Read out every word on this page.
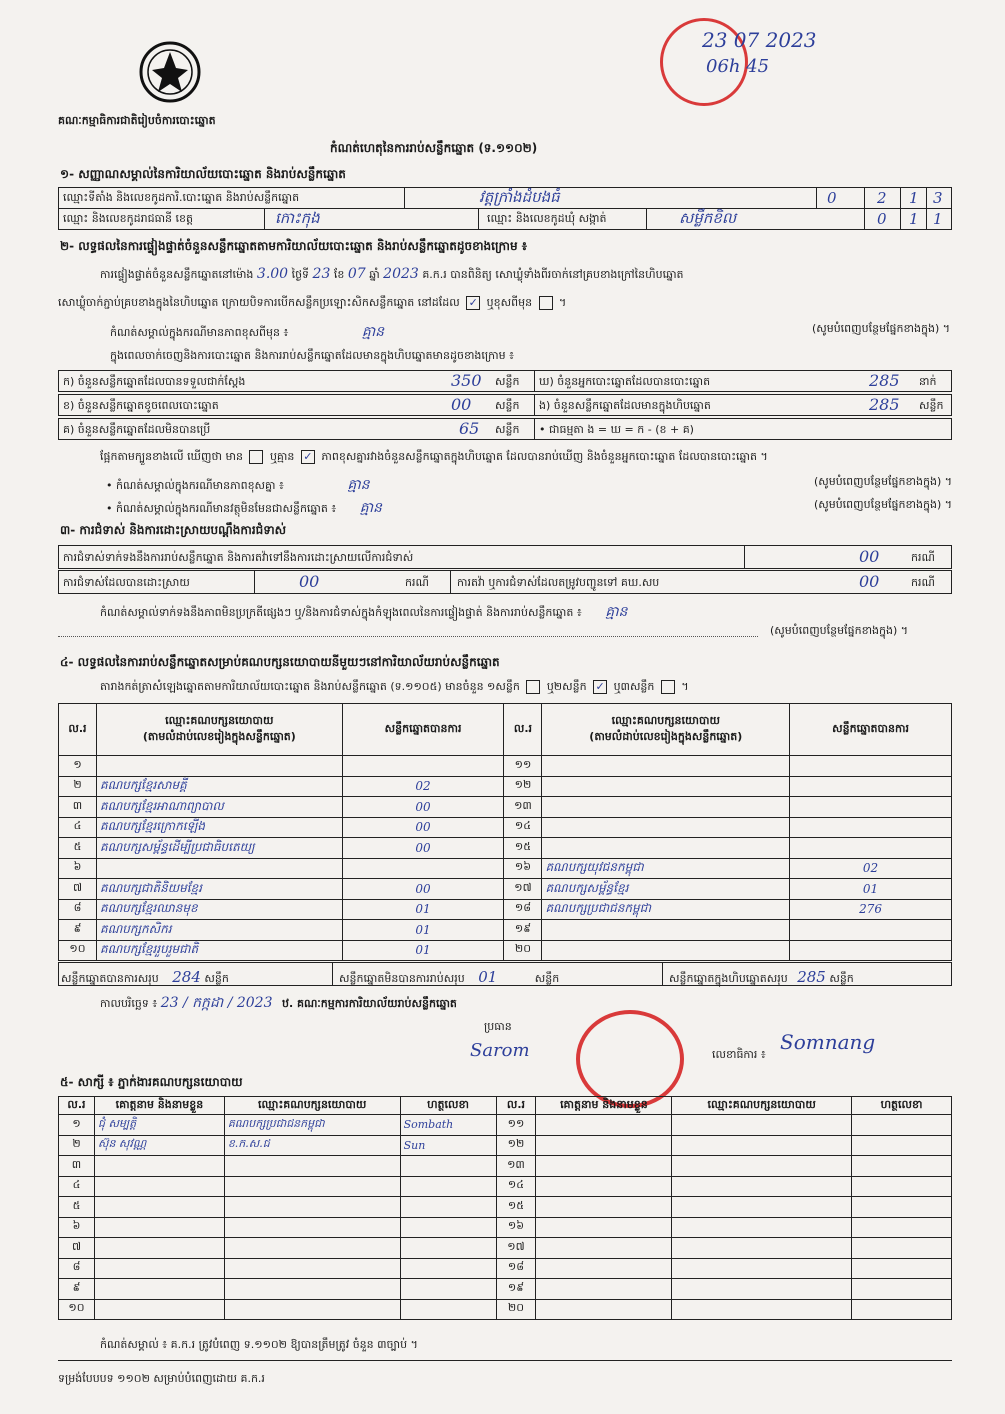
គណៈកម្មាធិការជាតិរៀបចំការបោះឆ្នោត
23 07 2023
06h 45
កំណត់ហេតុនៃការរាប់សន្លឹកឆ្នោត (ទ.១១០២)
១- សញ្ញាណសម្គាល់នៃការិយាល័យបោះឆ្នោត និងរាប់សន្លឹកឆ្នោត
ឈ្មោះទីតាំង និងលេខកូដការិ.បោះឆ្នោត និងរាប់សន្លឹកឆ្នោត	វត្តក្រាំងដំបងធំ	0	2 1 3
ឈ្មោះ និងលេខកូដរាជធានី ខេត្ត	កោះកុង	ឈ្មោះ និងលេខកូដឃុំ សង្កាត់	សម្លឹកខិល	0 1 1
២- លទ្ធផលនៃការផ្ទៀងផ្ទាត់ចំនួនសន្លឹកឆ្នោតតាមការិយាល័យបោះឆ្នោត និងរាប់សន្លឹកឆ្នោតដូចខាងក្រោម ៖
ការផ្ទៀងផ្ទាត់ចំនួនសន្លឹកឆ្នោតនៅម៉ោង 3.00 ថ្ងៃទី 23 ខែ 07 ឆ្នាំ 2023 គ.ក.រ បានពិនិត្យ សោឃ្លុំទាំងពីរចាក់នៅគ្របខាងក្រៅនៃហិបឆ្នោត
សោឃ្លុំចាក់ភ្ជាប់គ្របខាងក្នុងនៃហិបឆ្នោត ក្រោយបិទការបើកសន្លឹកប្រឡោះសិកសន្លឹកឆ្នោត នៅដដែល ✓ ឬខុសពីមុន  ។
កំណត់សម្គាល់ក្នុងករណីមានភាពខុសពីមុន ៖	គ្មាន	(សូមបំពេញបន្ថែមផ្នែកខាងក្នុង) ។
ក្នុងពេលចាក់ចេញនិងការបោះឆ្នោត និងការរាប់សន្លឹកឆ្នោតដែលមានក្នុងហិបឆ្នោតមានដូចខាងក្រោម ៖
ក) ចំនួនសន្លឹកឆ្នោតដែលបានទទួលជាក់ស្តែង	350 សន្លឹក ឃ) ចំនួនអ្នកបោះឆ្នោតដែលបានបោះឆ្នោត	285 នាក់
ខ) ចំនួនសន្លឹកឆ្នោតខូចពេលបោះឆ្នោត	00 សន្លឹក ង) ចំនួនសន្លឹកឆ្នោតដែលមានក្នុងហិបឆ្នោត	285 សន្លឹក
គ) ចំនួនសន្លឹកឆ្នោតដែលមិនបានប្រើ	65 សន្លឹក • ជាធម្មតា ង = ឃ = ក - (ខ + គ)
ផ្អែកតាមក្បួនខាងលើ ឃើញថា មាន ឬគ្មាន ✓ ភាពខុសគ្នារវាងចំនួនសន្លឹកឆ្នោតក្នុងហិបឆ្នោត ដែលបានរាប់ឃើញ និងចំនួនអ្នកបោះឆ្នោត ដែលបានបោះឆ្នោត ។
• កំណត់សម្គាល់ក្នុងករណីមានភាពខុសគ្នា ៖	គ្មាន	(សូមបំពេញបន្ថែមផ្នែកខាងក្នុង) ។
• កំណត់សម្គាល់ក្នុងករណីមានវត្ថុមិនមែនជាសន្លឹកឆ្នោត ៖ គ្មាន	(សូមបំពេញបន្ថែមផ្នែកខាងក្នុង) ។
៣- ការជំទាស់ និងការដោះស្រាយបណ្តឹងការជំទាស់
ការជំទាស់ទាក់ទងនឹងការរាប់សន្លឹកឆ្នោត និងការតវ៉ាទៅនឹងការដោះស្រាយលើការជំទាស់	00	ករណី
ការជំទាស់ដែលបានដោះស្រាយ	00	ករណី	ការតវ៉ា ឬការជំទាស់ដែលតម្រូវបញ្ជូនទៅ គឃ.សប	00	ករណី
កំណត់សម្គាល់ទាក់ទងនឹងភាពមិនប្រក្រតីផ្សេងៗ ឬ/និងការជំទាស់ក្នុងកំឡុងពេលនៃការផ្ទៀងផ្ទាត់ និងការរាប់សន្លឹកឆ្នោត ៖ គ្មាន
(សូមបំពេញបន្ថែមផ្នែកខាងក្នុង) ។
៤- លទ្ធផលនៃការរាប់សន្លឹកឆ្នោតសម្រាប់គណបក្សនយោបាយនីមួយៗនៅការិយាល័យរាប់សន្លឹកឆ្នោត
តារាងកត់ត្រាសំឡេងឆ្នោតតាមការិយាល័យបោះឆ្នោត និងរាប់សន្លឹកឆ្នោត (ទ.១១០៥) មានចំនួន ១សន្លឹក ឬ២សន្លឹក ✓ ឬ៣សន្លឹក  ។
ល.រ	ឈ្មោះគណបក្សនយោបាយ
(តាមលំដាប់លេខរៀងក្នុងសន្លឹកឆ្នោត)	សន្លឹកឆ្នោតបានការ	ល.រ	ឈ្មោះគណបក្សនយោបាយ
(តាមលំដាប់លេខរៀងក្នុងសន្លឹកឆ្នោត)	សន្លឹកឆ្នោតបានការ
១			១១		
២	គណបក្សខ្មែរសាមគ្គី	02	១២		
៣	គណបក្សខ្មែរអាណាព្យាបាល	00	១៣		
៤	គណបក្សខ្មែរក្រោកឡើង	00	១៤		
៥	គណបក្សសម្ព័ន្ធដើម្បីប្រជាធិបតេយ្យ	00	១៥		
៦			១៦	គណបក្សយុវជនកម្ពុជា	02
៧	គណបក្សជាតិនិយមខ្មែរ	00	១៧	គណបក្សសម្ព័ន្ធខ្មែរ	01
៨	គណបក្សខ្មែរឈានមុខ	01	១៨	គណបក្សប្រជាជនកម្ពុជា	276
៩	គណបក្សកសិករ	01	១៩		
១០	គណបក្សខ្មែររួបរួមជាតិ	01	២០		
សន្លឹកឆ្នោតបានការសរុប 284 សន្លឹក	សន្លឹកឆ្នោតមិនបានការរាប់សរុប 01	សន្លឹក	សន្លឹកឆ្នោតក្នុងហិបឆ្នោតសរុប 285 សន្លឹក
កាលបរិច្ឆេទ ៖ 23 / កក្កដា / 2023 ឋ. គណៈកម្មការការិយាល័យរាប់សន្លឹកឆ្នោត
ប្រធាន
Sarom	លេខាធិការ ៖
Somnang
៥- សាក្សី ៖ ភ្នាក់ងារគណបក្សនយោបាយ
ល.រ	គោត្តនាម និងនាមខ្លួន	ឈ្មោះគណបក្សនយោបាយ	ហត្ថលេខា	ល.រ	គោត្តនាម និងនាមខ្លួន	ឈ្មោះគណបក្សនយោបាយ	ហត្ថលេខា
១	ជុំ សម្បត្តិ	គណបក្សប្រជាជនកម្ពុជា	Sombath	១១			
២	ស៊ុន សុវណ្ណ	ខ.ក.ស.ជ	Sun	១២			
៣				១៣			
៤				១៤			
៥				១៥			
៦				១៦			
៧				១៧			
៨				១៨			
៩				១៩			
១០				២០			
កំណត់សម្គាល់ ៖ គ.ក.រ ត្រូវបំពេញ ទ.១១០២ ឱ្យបានត្រឹមត្រូវ ចំនួន ៣ច្បាប់ ។
ទម្រង់បែបបទ ១១០២ សម្រាប់បំពេញដោយ គ.ក.រ
